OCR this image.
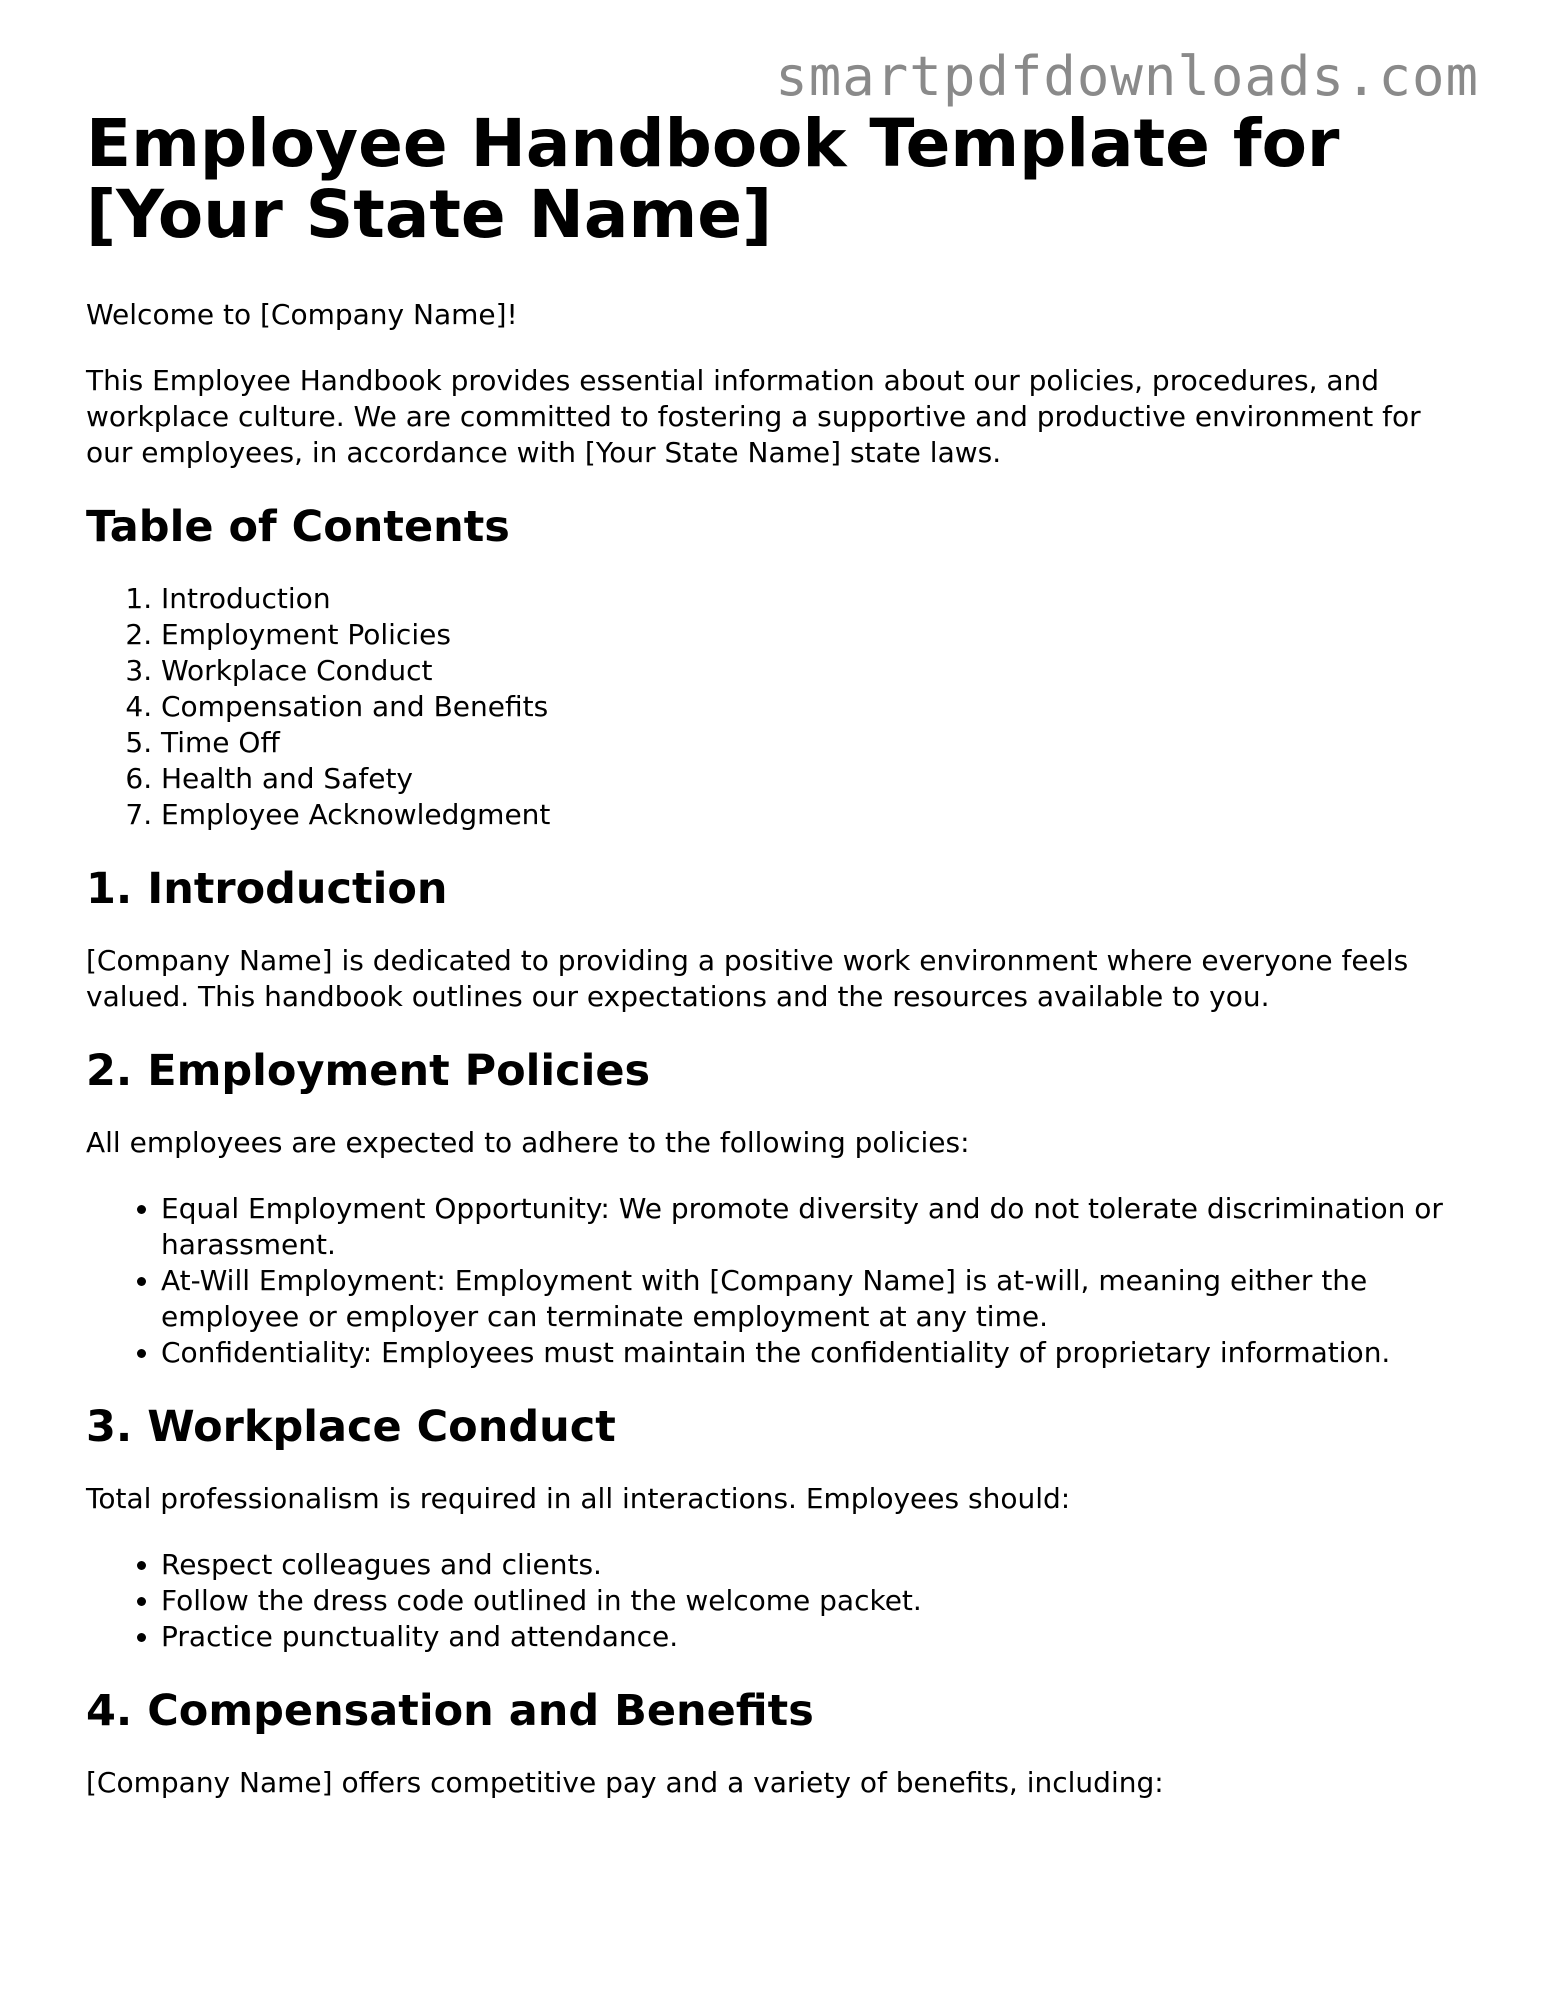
smartpdfdownloads.com
Employee Handbook Template for [Your State Name]

Welcome to [Company Name]!

This Employee Handbook provides essential information about our policies, procedures, and workplace culture. We are committed to fostering a supportive and productive environment for our employees, in accordance with [Your State Name] state laws.

Table of Contents
1. Introduction
2. Employment Policies
3. Workplace Conduct
4. Compensation and Benefits
5. Time Off
6. Health and Safety
7. Employee Acknowledgment
1. Introduction

[Company Name] is dedicated to providing a positive work environment where everyone feels valued. This handbook outlines our expectations and the resources available to you.

2. Employment Policies

All employees are expected to adhere to the following policies:

• Equal Employment Opportunity: We promote diversity and do not tolerate discrimination or harassment.
• At-Will Employment: Employment with [Company Name] is at-will, meaning either the employee or employer can terminate employment at any time.
• Confidentiality: Employees must maintain the confidentiality of proprietary information.
3. Workplace Conduct

Total professionalism is required in all interactions. Employees should:

• Respect colleagues and clients.
• Follow the dress code outlined in the welcome packet.
• Practice punctuality and attendance.
4. Compensation and Benefits

[Company Name] offers competitive pay and a variety of benefits, including:
